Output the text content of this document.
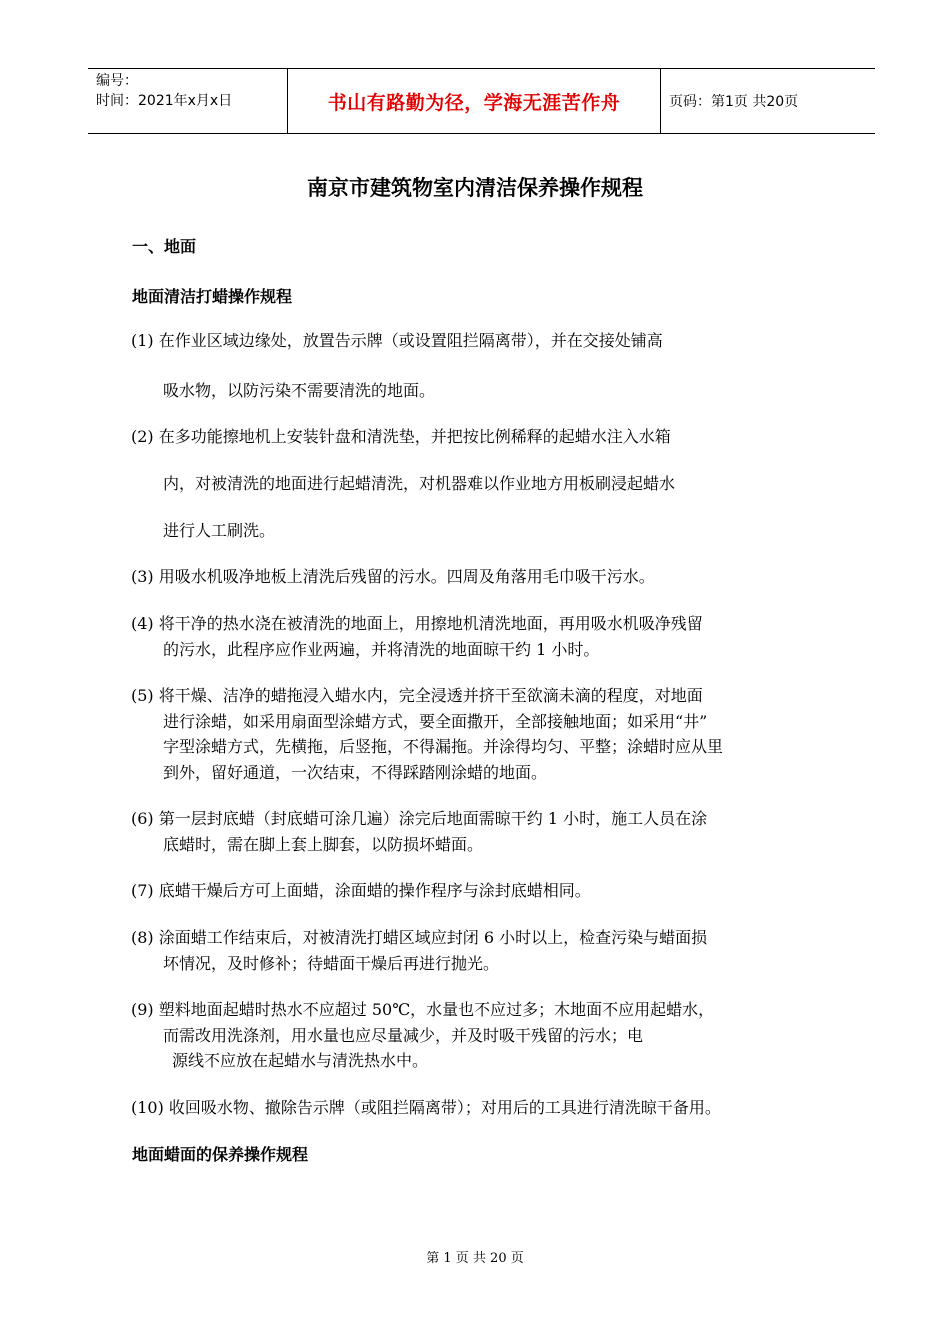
编号：
时间：2021年x月x日	书山有路勤为径，学海无涯苦作舟	页码：第1页 共20页
南京市建筑物室内清洁保养操作规程
一、地面
地面清洁打蜡操作规程
(1) 在作业区域边缘处，放置告示牌（或设置阻拦隔离带），并在交接处铺高
吸水物，以防污染不需要清洗的地面。
(2) 在多功能擦地机上安装针盘和清洗垫，并把按比例稀释的起蜡水注入水箱
内，对被清洗的地面进行起蜡清洗，对机器难以作业地方用板刷浸起蜡水
进行人工刷洗。
(3) 用吸水机吸净地板上清洗后残留的污水。四周及角落用毛巾吸干污水。
(4) 将干净的热水浇在被清洗的地面上，用擦地机清洗地面，再用吸水机吸净残留
的污水，此程序应作业两遍，并将清洗的地面晾干约 1 小时。
(5) 将干燥、洁净的蜡拖浸入蜡水内，完全浸透并挤干至欲滴未滴的程度，对地面
进行涂蜡，如采用扇面型涂蜡方式，要全面撒开，全部接触地面；如采用“井”
字型涂蜡方式，先横拖，后竖拖，不得漏拖。并涂得均匀、平整；涂蜡时应从里
到外，留好通道，一次结束，不得踩踏刚涂蜡的地面。
(6) 第一层封底蜡（封底蜡可涂几遍）涂完后地面需晾干约 1 小时，施工人员在涂
底蜡时，需在脚上套上脚套，以防损坏蜡面。
(7) 底蜡干燥后方可上面蜡，涂面蜡的操作程序与涂封底蜡相同。
(8) 涂面蜡工作结束后，对被清洗打蜡区域应封闭 6 小时以上，检查污染与蜡面损
坏情况，及时修补；待蜡面干燥后再进行抛光。
(9) 塑料地面起蜡时热水不应超过 50℃，水量也不应过多；木地面不应用起蜡水，
而需改用洗涤剂，用水量也应尽量减少，并及时吸干残留的污水；电
源线不应放在起蜡水与清洗热水中。
(10) 收回吸水物、撤除告示牌（或阻拦隔离带）；对用后的工具进行清洗晾干备用。
地面蜡面的保养操作规程
第 1 页 共 20 页
